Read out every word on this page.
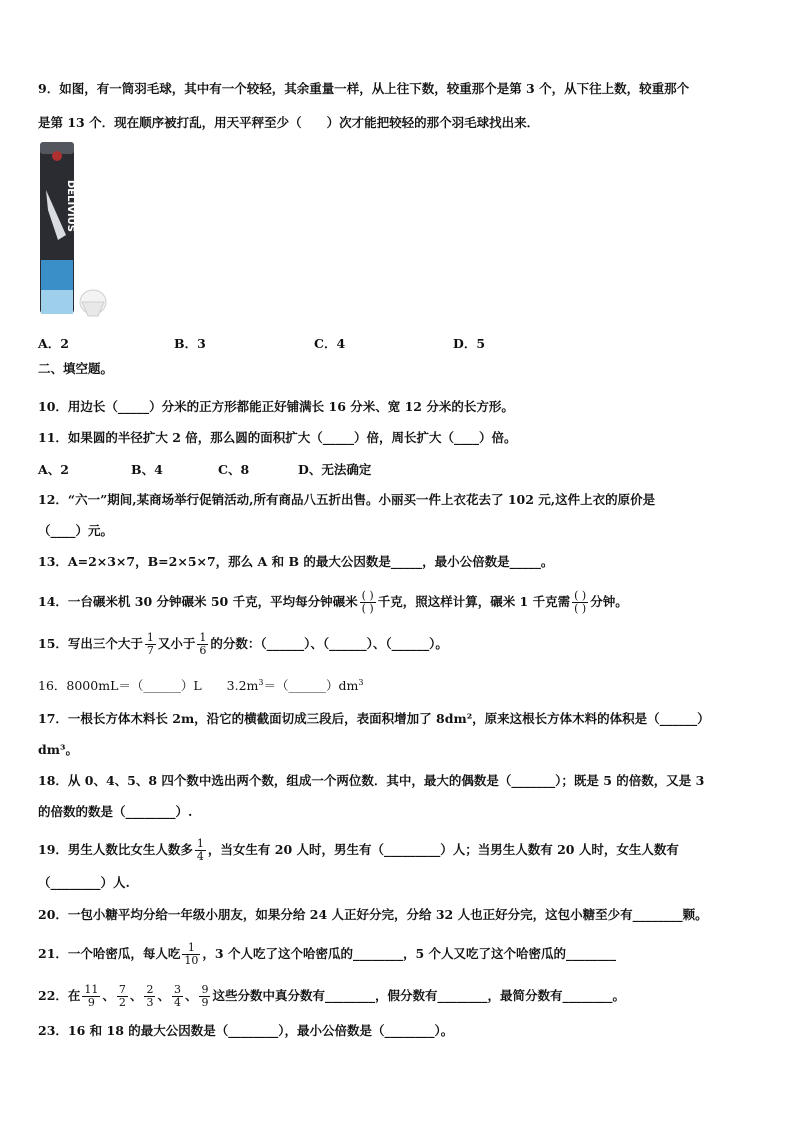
9．如图，有一筒羽毛球，其中有一个较轻，其余重量一样，从上往下数，较重那个是第 3 个，从下往上数，较重那个
是第 13 个．现在顺序被打乱，用天平秤至少（　　）次才能把较轻的那个羽毛球找出来．
DELIVIUS
A．2	B．3	C．4	D．5
二、填空题。
10．用边长（_____）分米的正方形都能正好铺满长 16 分米、宽 12 分米的长方形。
11．如果圆的半径扩大 2 倍，那么圆的面积扩大（_____）倍，周长扩大（____）倍。
A、2	B、4	C、8	D、无法确定
12．“六一”期间,某商场举行促销活动,所有商品八五折出售。小丽买一件上衣花去了 102 元,这件上衣的原价是
（____）元。
13．A=2×3×7，B=2×5×7，那么 A 和 B 的最大公因数是_____，最小公倍数是_____。
14．一台碾米机 30 分钟碾米 50 千克，平均每分钟碾米 $\frac{( )}{( )}$ 千克，照这样计算，碾米 1 千克需 $\frac{( )}{( )}$ 分钟。
15．写出三个大于 $\frac{1}{7}$ 又小于 $\frac{1}{6}$ 的分数：（______）、（______）、（______）。
16．8000mL＝（______）L　　$3.2m^3=(\_\_\_\_\_\_)dm^3$
17．一根长方体木料长 2m，沿它的横截面切成三段后，表面积增加了 8dm²，原来这根长方体木料的体积是（______）
dm³。
18．从 0、4、5、8 四个数中选出两个数，组成一个两位数．其中，最大的偶数是（_______）；既是 5 的倍数，又是 3
的倍数的数是（________）.
19．男生人数比女生人数多 $\frac{1}{4}$ ，当女生有 20 人时，男生有（_________）人；当男生人数有 20 人时，女生人数有
（________）人.
20．一包小糖平均分给一年级小朋友，如果分给 24 人正好分完，分给 32 人也正好分完，这包小糖至少有________颗。
21．一个哈密瓜，每人吃 $\frac{1}{10}$ ，3 个人吃了这个哈密瓜的________，5 个人又吃了这个哈密瓜的________
22．在 $\frac{11}{9}$ 、 $\frac{7}{2}$ 、 $\frac{2}{3}$ 、 $\frac{3}{4}$ 、 $\frac{9}{9}$ 这些分数中真分数有________，假分数有________，最简分数有________。
23．16 和 18 的最大公因数是（________），最小公倍数是（________）。
